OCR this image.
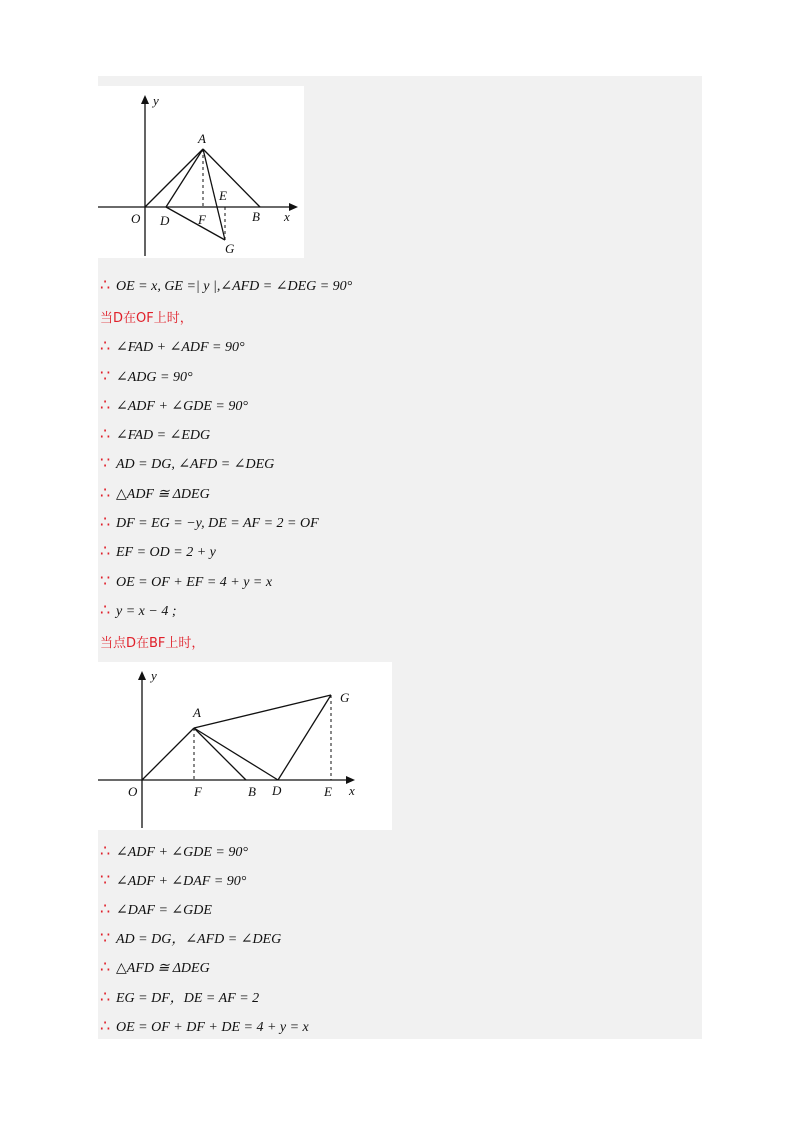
y
x
O
A
D F
E
B
G
y
x
O
A
F	B D	E
G
∴ OE = x, GE =| y |,∠AFD = ∠DEG = 90°
当D在OF上时，
∴ ∠FAD + ∠ADF = 90°
∵ ∠ADG = 90°
∴ ∠ADF + ∠GDE = 90°
∴ ∠FAD = ∠EDG
∵ AD = DG, ∠AFD = ∠DEG
∴ △ADF ≅ ΔDEG
∴ DF = EG = −y, DE = AF = 2 = OF
∴ EF = OD = 2 + y
∵ OE = OF + EF = 4 + y = x
∴ y = x − 4 ;
当点D在BF上时，
∴ ∠ADF + ∠GDE = 90°
∵ ∠ADF + ∠DAF = 90°
∴ ∠DAF = ∠GDE
∵ AD = DG，∠AFD = ∠DEG
∴ △AFD ≅ ΔDEG
∴ EG = DF，DE = AF = 2
∴ OE = OF + DF + DE = 4 + y = x
